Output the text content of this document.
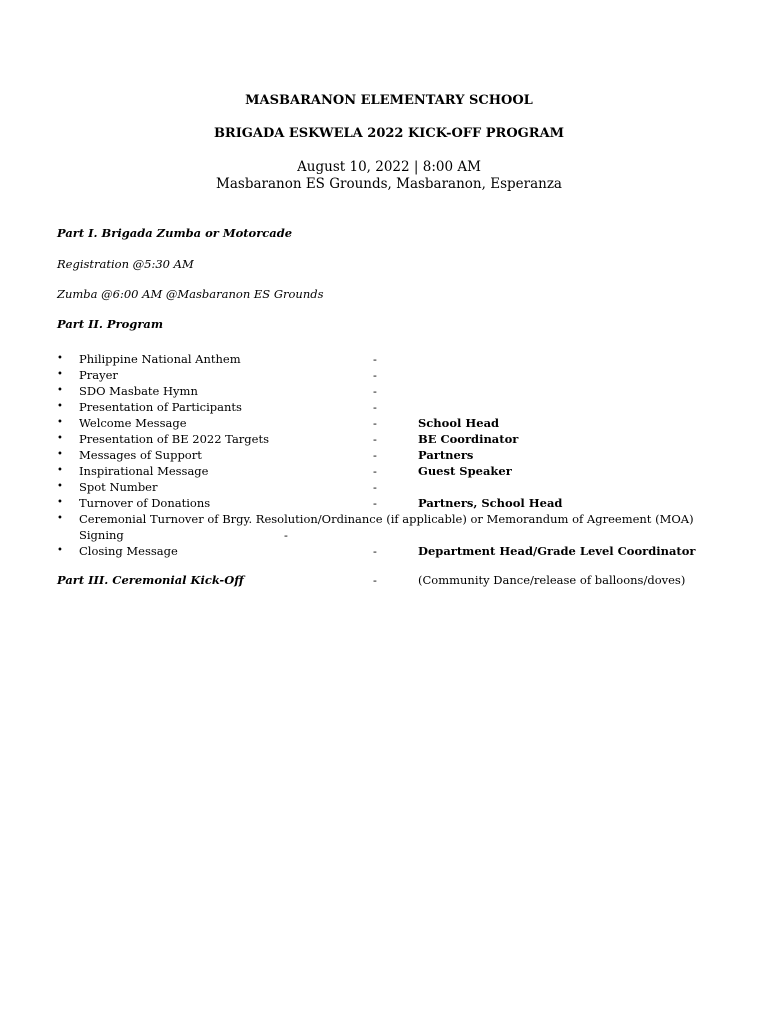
MASBARANON ELEMENTARY SCHOOL
BRIGADA ESKWELA 2022 KICK-OFF PROGRAM
August 10, 2022 | 8:00 AM
Masbaranon ES Grounds, Masbaranon, Esperanza
Part I. Brigada Zumba or Motorcade
Registration @5:30 AM
Zumba @6:00 AM @Masbaranon ES Grounds
Part II. Program
•	Philippine National Anthem	-
•	Prayer	-
•	SDO Masbate Hymn	-
•	Presentation of Participants	-
•	Welcome Message	-	School Head
•	Presentation of BE 2022 Targets	-	BE Coordinator
•	Messages of Support	-	Partners
•	Inspirational Message	-	Guest Speaker
•	Spot Number	-
•	Turnover of Donations	-	Partners, School Head
•	Ceremonial Turnover of Brgy. Resolution/Ordinance (if applicable) or Memorandum of Agreement (MOA)
Signing	-
•	Closing Message	-	Department Head/Grade Level Coordinator
Part III. Ceremonial Kick-Off	-	(Community Dance/release of balloons/doves)
